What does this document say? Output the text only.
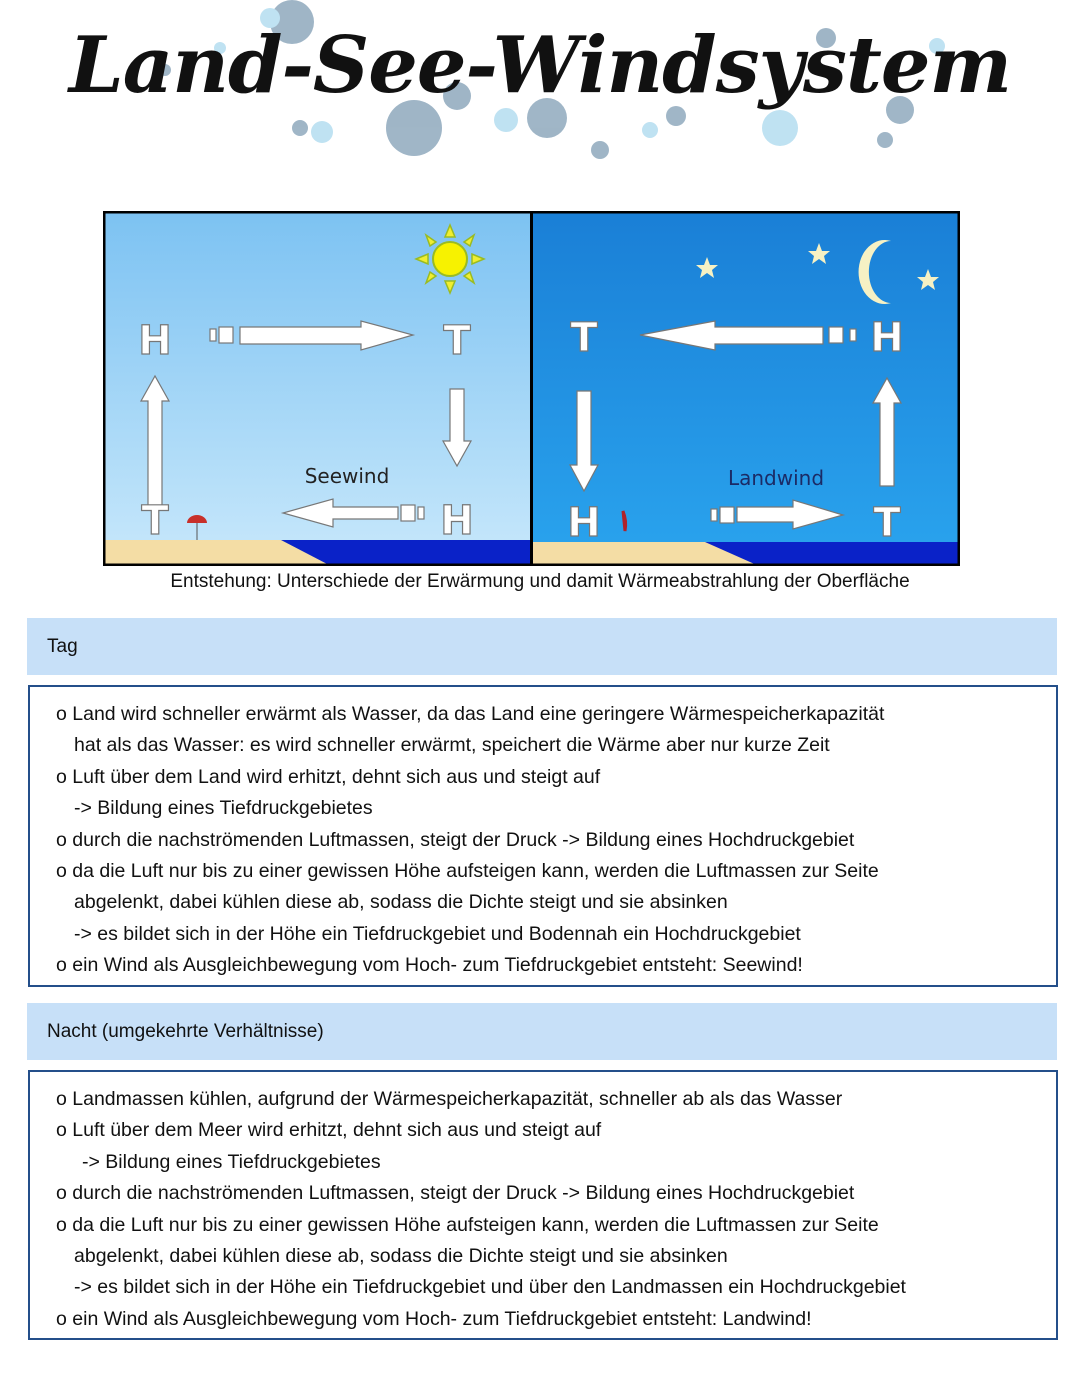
Land-See-Windsystem
H	T
T	H
T	H
H	T
Seewind	Landwind
Entstehung: Unterschiede der Erwärmung und damit Wärmeabstrahlung der Oberfläche
Tag
o Land wird schneller erwärmt als Wasser, da das Land eine geringere Wärmespeicherkapazität
hat als das Wasser: es wird schneller erwärmt, speichert die Wärme aber nur kurze Zeit
o Luft über dem Land wird erhitzt, dehnt sich aus und steigt auf
-> Bildung eines Tiefdruckgebietes
o durch die nachströmenden Luftmassen, steigt der Druck -> Bildung eines Hochdruckgebiet
o da die Luft nur bis zu einer gewissen Höhe aufsteigen kann, werden die Luftmassen zur Seite
abgelenkt, dabei kühlen diese ab, sodass die Dichte steigt und sie absinken
-> es bildet sich in der Höhe ein Tiefdruckgebiet und Bodennah ein Hochdruckgebiet
o ein Wind als Ausgleichbewegung vom Hoch- zum Tiefdruckgebiet entsteht: Seewind!
Nacht (umgekehrte Verhältnisse)
o Landmassen kühlen, aufgrund der Wärmespeicherkapazität, schneller ab als das Wasser
o Luft über dem Meer wird erhitzt, dehnt sich aus und steigt auf
-> Bildung eines Tiefdruckgebietes
o durch die nachströmenden Luftmassen, steigt der Druck -> Bildung eines Hochdruckgebiet
o da die Luft nur bis zu einer gewissen Höhe aufsteigen kann, werden die Luftmassen zur Seite
abgelenkt, dabei kühlen diese ab, sodass die Dichte steigt und sie absinken
-> es bildet sich in der Höhe ein Tiefdruckgebiet und über den Landmassen ein Hochdruckgebiet
o ein Wind als Ausgleichbewegung vom Hoch- zum Tiefdruckgebiet entsteht: Landwind!
